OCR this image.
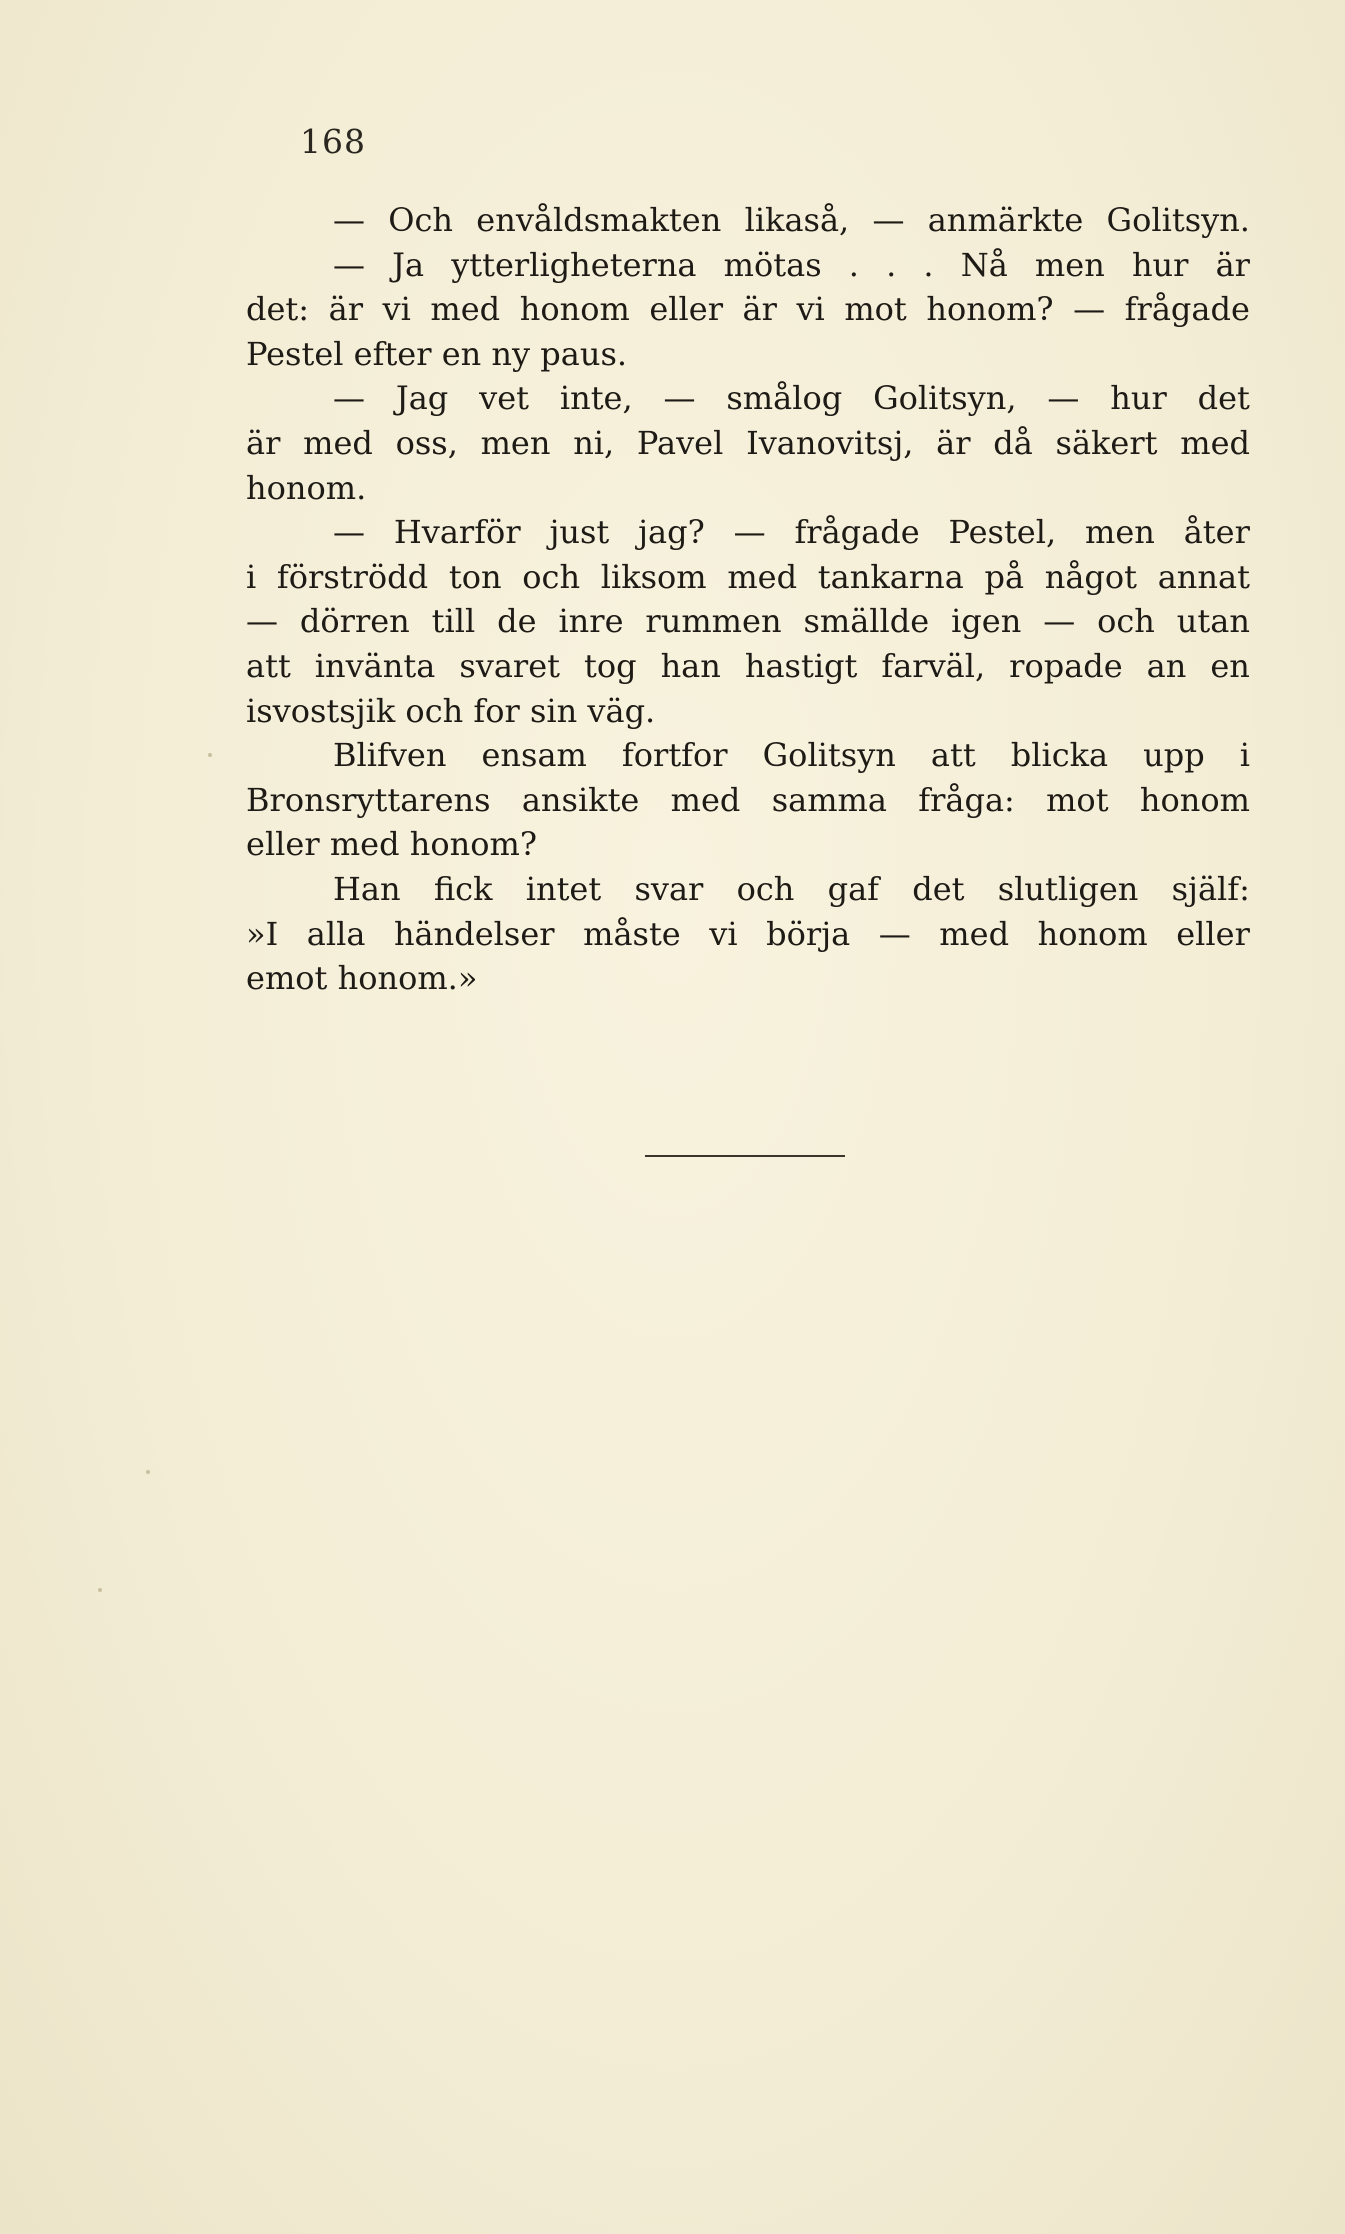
168
— Och envåldsmakten likaså, — anmärkte Golitsyn.
— Ja ytterligheterna mötas . . . Nå men hur är
det: är vi med honom eller är vi mot honom? — frågade
Pestel efter en ny paus.
— Jag vet inte, — smålog Golitsyn, — hur det
är med oss, men ni, Pavel Ivanovitsj, är då säkert med
honom.
— Hvarför just jag? — frågade Pestel, men åter
i förströdd ton och liksom med tankarna på något annat
— dörren till de inre rummen smällde igen — och utan
att invänta svaret tog han hastigt farväl, ropade an en
isvostsjik och for sin väg.
Blifven ensam fortfor Golitsyn att blicka upp i
Bronsryttarens ansikte med samma fråga: mot honom
eller med honom?
Han fick intet svar och gaf det slutligen själf:
»I alla händelser måste vi börja — med honom eller
emot honom.»
